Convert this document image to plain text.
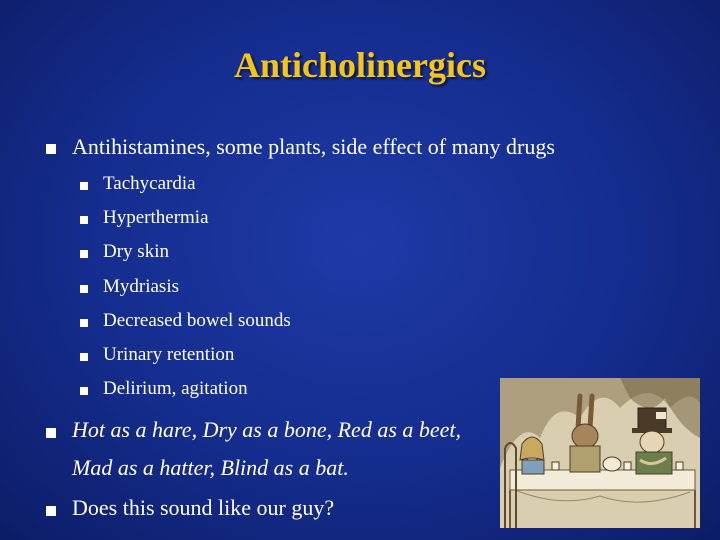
Anticholinergics
Antihistamines, some plants, side effect of many drugs
Tachycardia
Hyperthermia
Dry skin
Mydriasis
Decreased bowel sounds
Urinary retention
Delirium, agitation
Hot as a hare, Dry as a bone, Red as a beet,
Mad as a hatter, Blind as a bat.
Does this sound like our guy?
